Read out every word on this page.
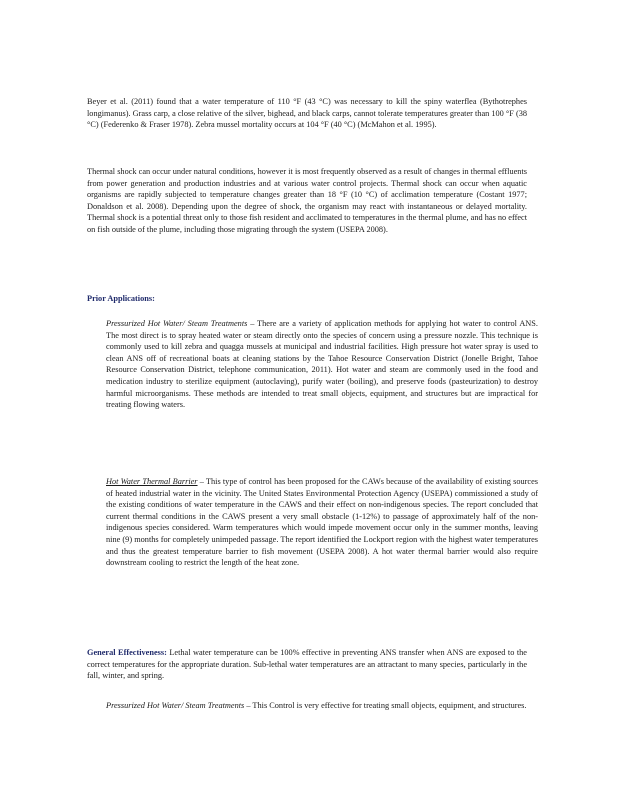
Beyer et al. (2011) found that a water temperature of 110 °F (43 °C) was necessary to kill the spiny waterflea (Bythotrephes longimanus). Grass carp, a close relative of the silver, bighead, and black carps, cannot tolerate temperatures greater than 100 °F (38 °C) (Federenko & Fraser 1978). Zebra mussel mortality occurs at 104 °F (40 °C) (McMahon et al. 1995).

Thermal shock can occur under natural conditions, however it is most frequently observed as a result of changes in thermal effluents from power generation and production industries and at various water control projects. Thermal shock can occur when aquatic organisms are rapidly subjected to temperature changes greater than 18 °F (10 °C) of acclimation temperature (Costant 1977; Donaldson et al. 2008). Depending upon the degree of shock, the organism may react with instantaneous or delayed mortality. Thermal shock is a potential threat only to those fish resident and acclimated to temperatures in the thermal plume, and has no effect on fish outside of the plume, including those migrating through the system (USEPA 2008).

Prior Applications:

Pressurized Hot Water/ Steam Treatments – There are a variety of application methods for applying hot water to control ANS. The most direct is to spray heated water or steam directly onto the species of concern using a pressure nozzle. This technique is commonly used to kill zebra and quagga mussels at municipal and industrial facilities. High pressure hot water spray is used to clean ANS off of recreational boats at cleaning stations by the Tahoe Resource Conservation District (Jonelle Bright, Tahoe Resource Conservation District, telephone communication, 2011). Hot water and steam are commonly used in the food and medication industry to sterilize equipment (autoclaving), purify water (boiling), and preserve foods (pasteurization) to destroy harmful microorganisms. These methods are intended to treat small objects, equipment, and structures but are impractical for treating flowing waters.

Hot Water Thermal Barrier – This type of control has been proposed for the CAWs because of the availability of existing sources of heated industrial water in the vicinity. The United States Environmental Protection Agency (USEPA) commissioned a study of the existing conditions of water temperature in the CAWS and their effect on non-indigenous species. The report concluded that current thermal conditions in the CAWS present a very small obstacle (1-12%) to passage of approximately half of the non-indigenous species considered. Warm temperatures which would impede movement occur only in the summer months, leaving nine (9) months for completely unimpeded passage. The report identified the Lockport region with the highest water temperatures and thus the greatest temperature barrier to fish movement (USEPA 2008). A hot water thermal barrier would also require downstream cooling to restrict the length of the heat zone.

General Effectiveness: Lethal water temperature can be 100% effective in preventing ANS transfer when ANS are exposed to the correct temperatures for the appropriate duration. Sub-lethal water temperatures are an attractant to many species, particularly in the fall, winter, and spring.

Pressurized Hot Water/ Steam Treatments – This Control is very effective for treating small objects, equipment, and structures.
